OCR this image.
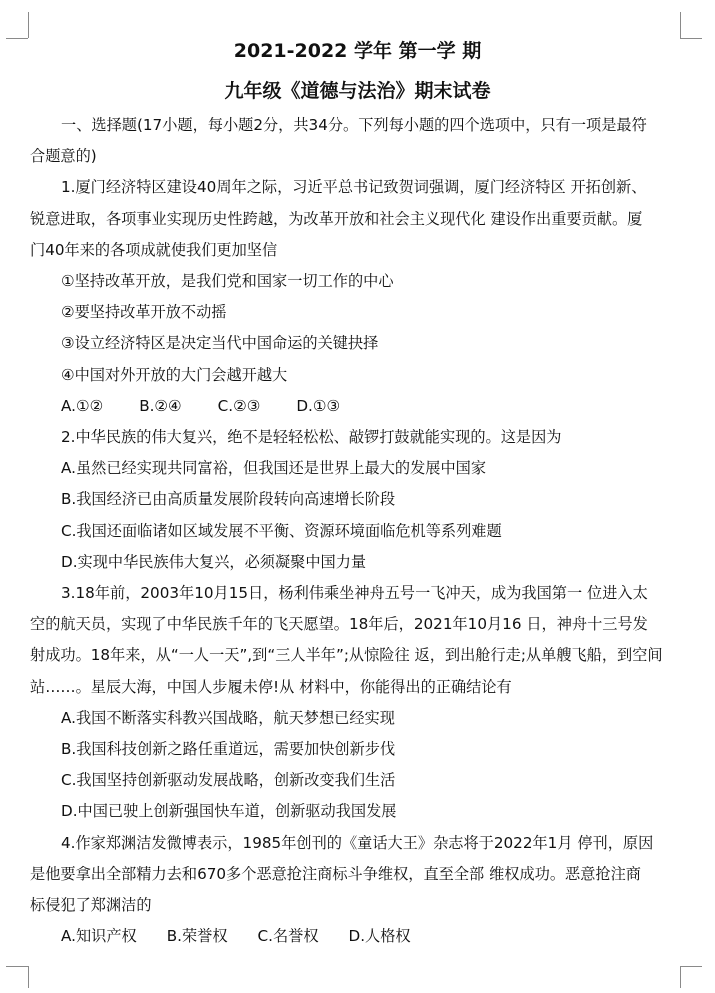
2021-2022 学年 第一学 期
九年级《道德与法治》期末试卷

一、选择题(17小题，每小题2分，共34分。下列每小题的四个选项中，只有一项是最符

合题意的)

1.厦门经济特区建设40周年之际，习近平总书记致贺词强调，厦门经济特区 开拓创新、

锐意进取，各项事业实现历史性跨越，为改革开放和社会主义现代化 建设作出重要贡献。厦

门40年来的各项成就使我们更加坚信

①坚持改革开放，是我们党和国家一切工作的中心

②要坚持改革开放不动摇

③设立经济特区是决定当代中国命运的关键抉择

④中国对外开放的大门会越开越大

A.①② B.②④ C.②③ D.①③

2.中华民族的伟大复兴，绝不是轻轻松松、敲锣打鼓就能实现的。这是因为

A.虽然已经实现共同富裕，但我国还是世界上最大的发展中国家

B.我国经济已由高质量发展阶段转向高速增长阶段

C.我国还面临诸如区域发展不平衡、资源环境面临危机等系列难题

D.实现中华民族伟大复兴，必须凝聚中国力量

3.18年前，2003年10月15日，杨利伟乘坐神舟五号一飞冲天，成为我国第一 位进入太

空的航天员，实现了中华民族千年的飞天愿望。18年后，2021年10月16 日，神舟十三号发

射成功。18年来，从“一人一天”,到“三人半年”;从惊险往 返，到出舱行走;从单艘飞船，到空间

站……。星辰大海，中国人步履未停!从 材料中，你能得出的正确结论有

A.我国不断落实科教兴国战略，航天梦想已经实现

B.我国科技创新之路任重道远，需要加快创新步伐

C.我国坚持创新驱动发展战略，创新改变我们生活

D.中国已驶上创新强国快车道，创新驱动我国发展

4.作家郑渊洁发微博表示，1985年创刊的《童话大王》杂志将于2022年1月 停刊，原因

是他要拿出全部精力去和670多个恶意抢注商标斗争维权，直至全部 维权成功。恶意抢注商

标侵犯了郑渊洁的

A.知识产权 B.荣誉权 C.名誉权 D.人格权
